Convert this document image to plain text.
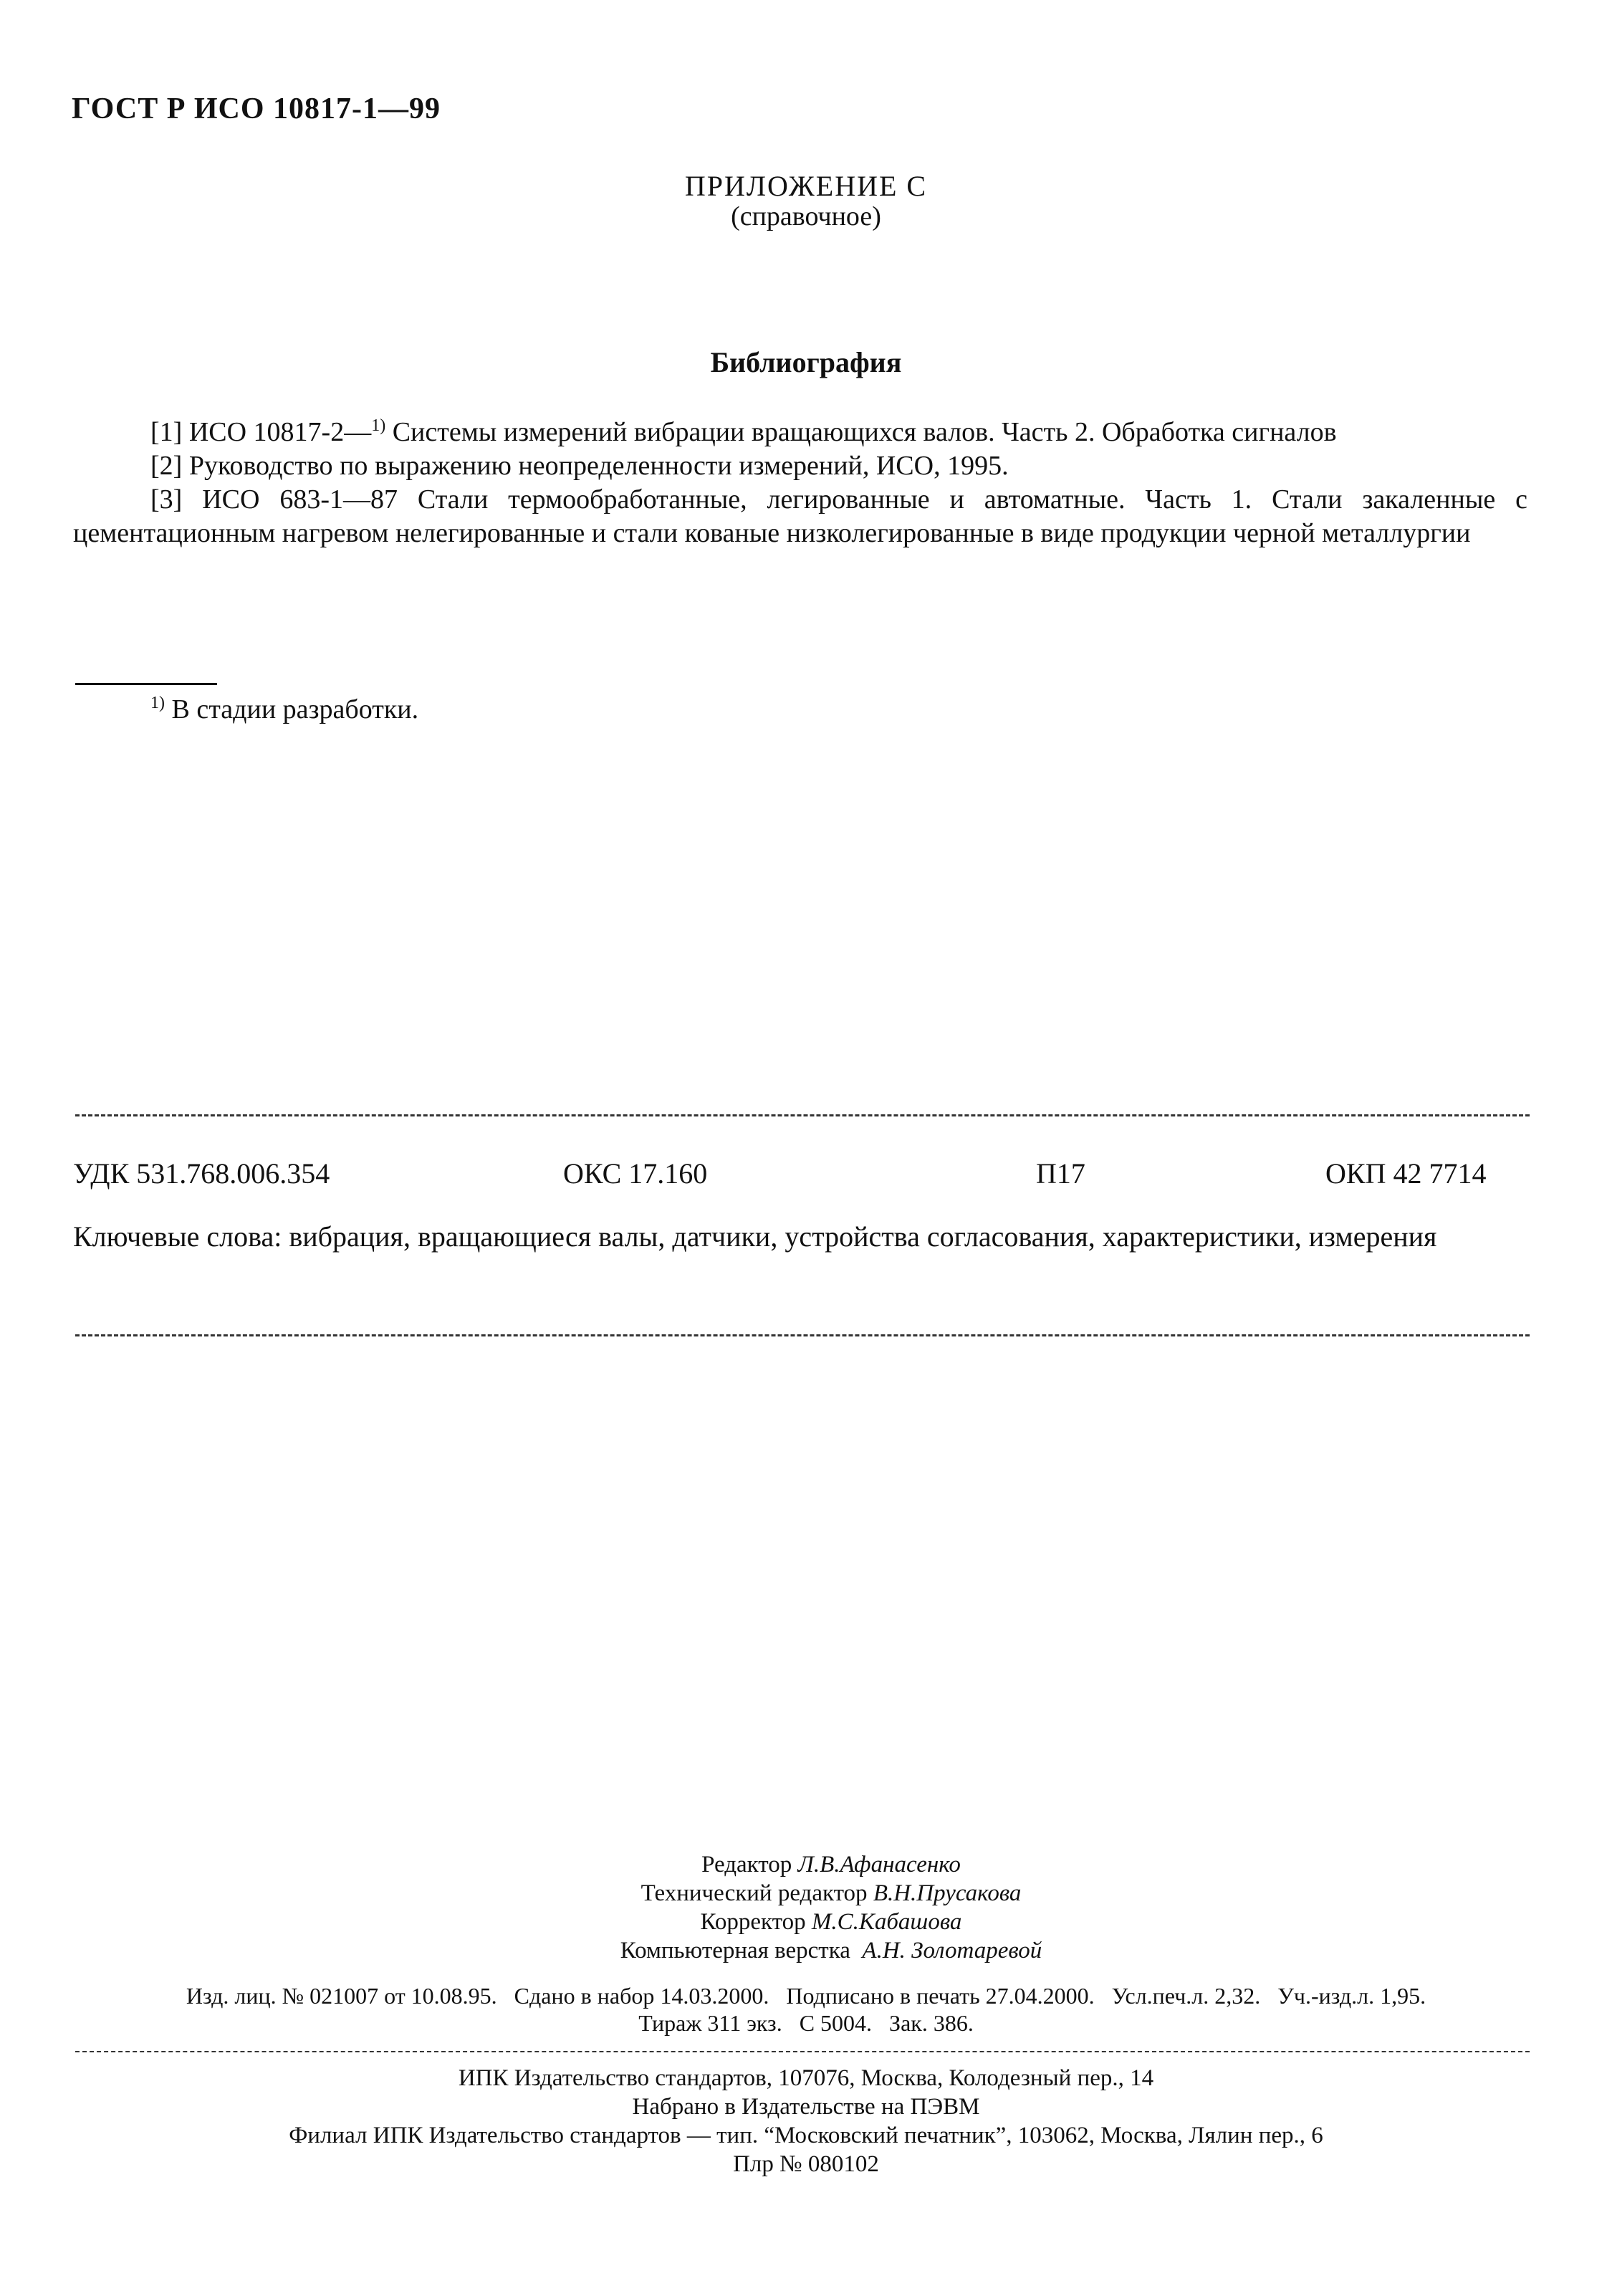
ГОСТ Р ИСО 10817-1—99
ПРИЛОЖЕНИЕ С
(справочное)
Библиография

[1] ИСО 10817-2—$^{1)}$ Системы измерений вибрации вращающихся валов. Часть 2. Обработка сигналов

[2] Руководство по выражению неопределенности измерений, ИСО, 1995.

[3] ИСО 683-1—87 Стали термообработанные, легированные и автоматные. Часть 1. Стали закаленные с цементационным нагревом нелегированные и стали кованые низколегированные в виде продукции черной металлургии

$^{1)}$ В стадии разработки.
УДК 531.768.006.354	ОКС 17.160	П17	ОКП 42 7714
Ключевые слова: вибрация, вращающиеся валы, датчики, устройства согласования, характеристики, измерения
Редактор Л.В.Афанасенко
Технический редактор В.Н.Прусакова
Корректор М.С.Кабашова
Компьютерная верстка А.Н. Золотаревой
Изд. лиц. № 021007 от 10.08.95.   Сдано в набор 14.03.2000.   Подписано в печать 27.04.2000.   Усл.печ.л. 2,32.   Уч.-изд.л. 1,95.
Тираж 311 экз.   С 5004.   Зак. 386.
ИПК Издательство стандартов, 107076, Москва, Колодезный пер., 14
Набрано в Издательстве на ПЭВМ
Филиал ИПК Издательство стандартов — тип. “Московский печатник”, 103062, Москва, Лялин пер., 6
Плр № 080102
